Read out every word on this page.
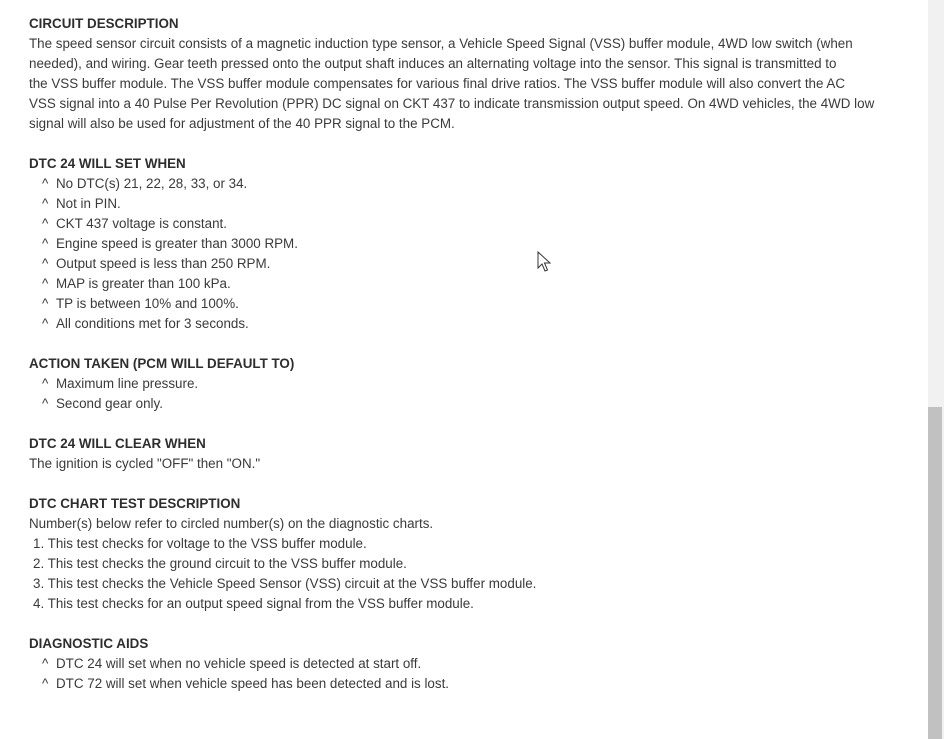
CIRCUIT DESCRIPTION

The speed sensor circuit consists of a magnetic induction type sensor, a Vehicle Speed Signal (VSS) buffer module, 4WD low switch (when

needed), and wiring. Gear teeth pressed onto the output shaft induces an alternating voltage into the sensor. This signal is transmitted to

the VSS buffer module. The VSS buffer module compensates for various final drive ratios. The VSS buffer module will also convert the AC

VSS signal into a 40 Pulse Per Revolution (PPR) DC signal on CKT 437 to indicate transmission output speed. On 4WD vehicles, the 4WD low

signal will also be used for adjustment of the 40 PPR signal to the PCM.

DTC 24 WILL SET WHEN
^ No DTC(s) 21, 22, 28, 33, or 34.
^ Not in PIN.
^ CKT 437 voltage is constant.
^ Engine speed is greater than 3000 RPM.
^ Output speed is less than 250 RPM.
^ MAP is greater than 100 kPa.
^ TP is between 10% and 100%.
^ All conditions met for 3 seconds.
ACTION TAKEN (PCM WILL DEFAULT TO)
^ Maximum line pressure.
^ Second gear only.
DTC 24 WILL CLEAR WHEN

The ignition is cycled "OFF" then "ON."

DTC CHART TEST DESCRIPTION

Number(s) below refer to circled number(s) on the diagnostic charts.

1. This test checks for voltage to the VSS buffer module.
2. This test checks the ground circuit to the VSS buffer module.
3. This test checks the Vehicle Speed Sensor (VSS) circuit at the VSS buffer module.
4. This test checks for an output speed signal from the VSS buffer module.
DIAGNOSTIC AIDS
^ DTC 24 will set when no vehicle speed is detected at start off.
^ DTC 72 will set when vehicle speed has been detected and is lost.
